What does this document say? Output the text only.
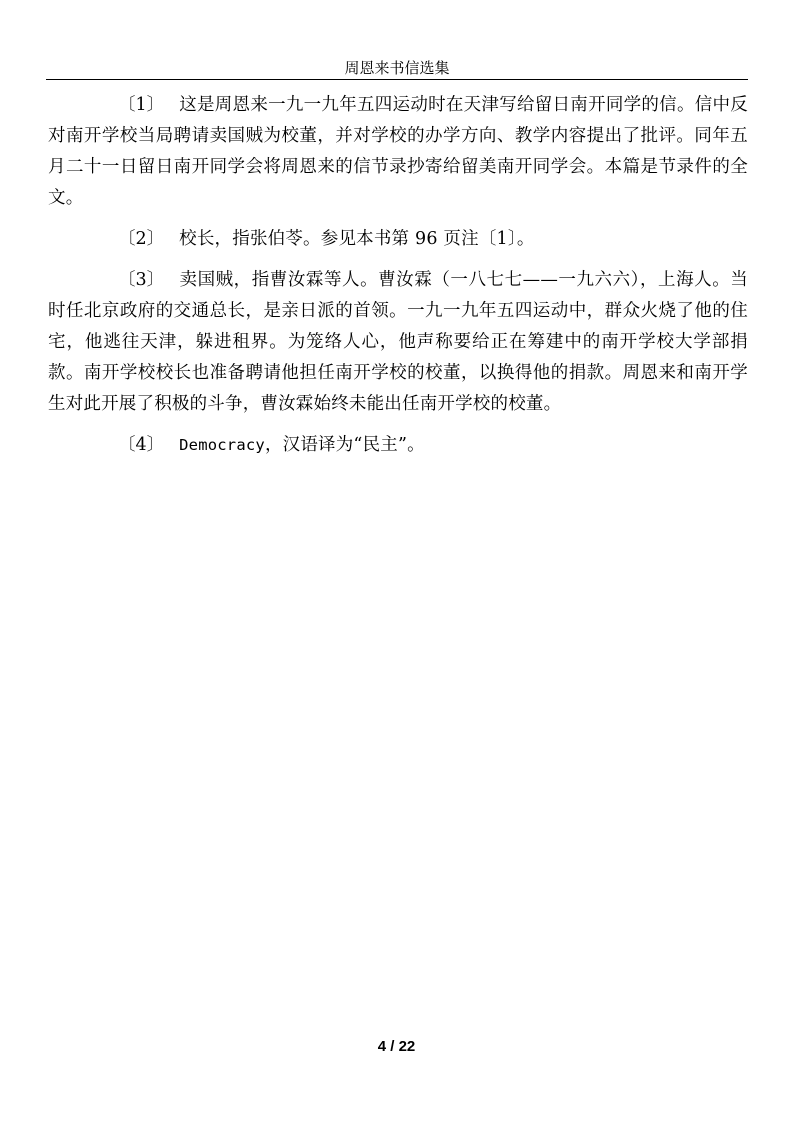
周恩来书信选集

〔1〕 这是周恩来一九一九年五四运动时在天津写给留日南开同学的信。信中反对南开学校当局聘请卖国贼为校董，并对学校的办学方向、教学内容提出了批评。同年五月二十一日留日南开同学会将周恩来的信节录抄寄给留美南开同学会。本篇是节录件的全文。

〔2〕 校长，指张伯苓。参见本书第 96 页注〔1〕。

〔3〕 卖国贼，指曹汝霖等人。曹汝霖（一八七七——一九六六），上海人。当时任北京政府的交通总长，是亲日派的首领。一九一九年五四运动中，群众火烧了他的住宅，他逃往天津，躲进租界。为笼络人心，他声称要给正在筹建中的南开学校大学部捐款。南开学校校长也准备聘请他担任南开学校的校董，以换得他的捐款。周恩来和南开学生对此开展了积极的斗争，曹汝霖始终未能出任南开学校的校董。

〔4〕 Democracy，汉语译为“民主”。

4 / 22
